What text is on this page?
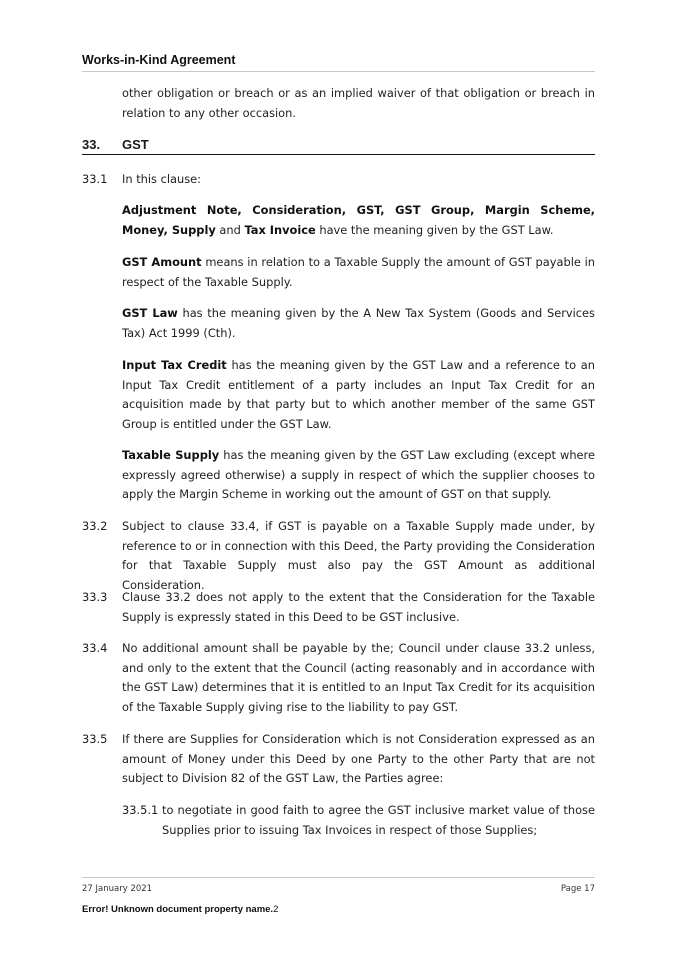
Works-in-Kind Agreement
other obligation or breach or as an implied waiver of that obligation or breach in relation to any other occasion.
33. GST
33.1 In this clause:
Adjustment Note, Consideration, GST, GST Group, Margin Scheme, Money, Supply and Tax Invoice have the meaning given by the GST Law.
GST Amount means in relation to a Taxable Supply the amount of GST payable in respect of the Taxable Supply.
GST Law has the meaning given by the A New Tax System (Goods and Services Tax) Act 1999 (Cth).
Input Tax Credit has the meaning given by the GST Law and a reference to an Input Tax Credit entitlement of a party includes an Input Tax Credit for an acquisition made by that party but to which another member of the same GST Group is entitled under the GST Law.
Taxable Supply has the meaning given by the GST Law excluding (except where expressly agreed otherwise) a supply in respect of which the supplier chooses to apply the Margin Scheme in working out the amount of GST on that supply.
33.2 Subject to clause 33.4, if GST is payable on a Taxable Supply made under, by reference to or in connection with this Deed, the Party providing the Consideration for that Taxable Supply must also pay the GST Amount as additional Consideration.
33.3 Clause 33.2 does not apply to the extent that the Consideration for the Taxable Supply is expressly stated in this Deed to be GST inclusive.
33.4 No additional amount shall be payable by the; Council under clause 33.2 unless, and only to the extent that the Council (acting reasonably and in accordance with the GST Law) determines that it is entitled to an Input Tax Credit for its acquisition of the Taxable Supply giving rise to the liability to pay GST.
33.5 If there are Supplies for Consideration which is not Consideration expressed as an amount of Money under this Deed by one Party to the other Party that are not subject to Division 82 of the GST Law, the Parties agree:
33.5.1 to negotiate in good faith to agree the GST inclusive market value of those Supplies prior to issuing Tax Invoices in respect of those Supplies;
27 January 2021	Page 17
Error! Unknown document property name.2
